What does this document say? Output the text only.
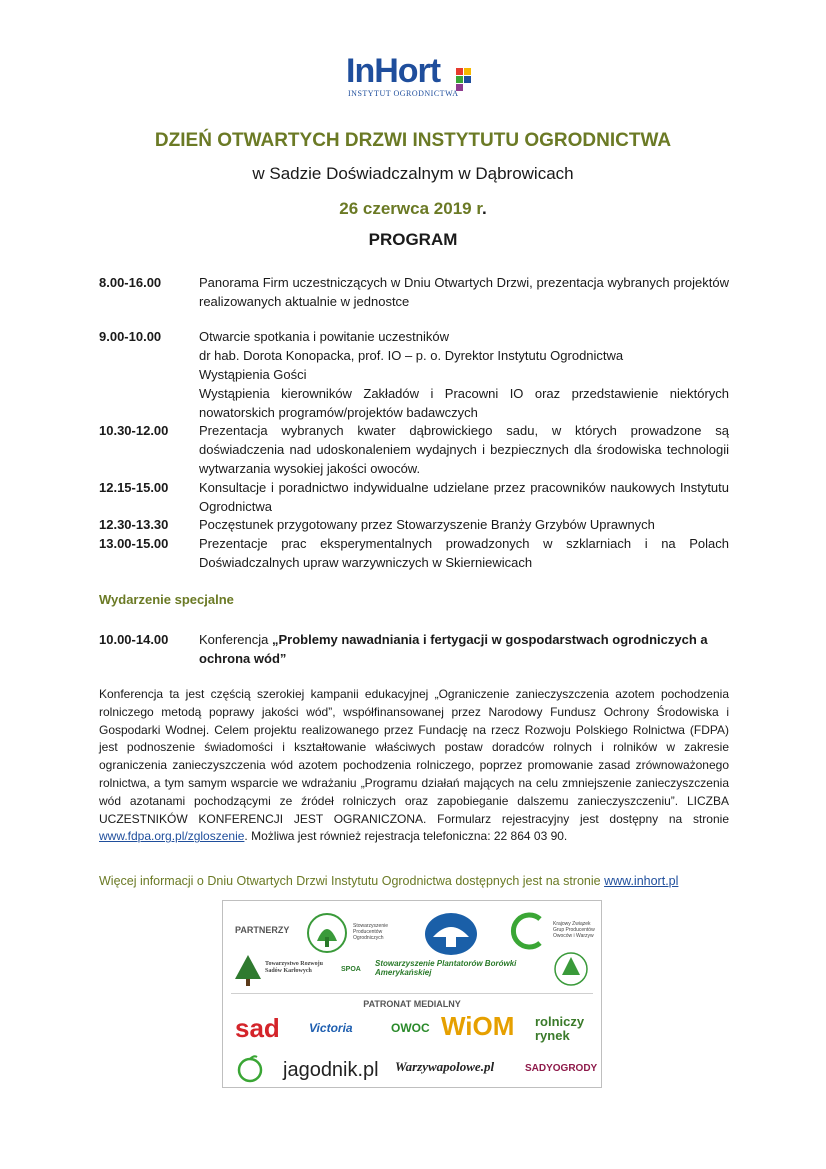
InHort
INSTYTUT OGRODNICTWA
DZIEŃ OTWARTYCH DRZWI INSTYTUTU OGRODNICTWA
w Sadzie Doświadczalnym w Dąbrowicach
26 czerwca 2019 r.
PROGRAM
8.00-16.00	Panorama Firm uczestniczących w Dniu Otwartych Drzwi, prezentacja wybranych projektów realizowanych aktualnie w jednostce
9.00-10.00	Otwarcie spotkania i powitanie uczestników
dr hab. Dorota Konopacka, prof. IO – p. o. Dyrektor Instytutu Ogrodnictwa
Wystąpienia Gości
Wystąpienia kierowników Zakładów i Pracowni IO oraz przedstawienie niektórych nowatorskich programów/projektów badawczych
10.30-12.00	Prezentacja wybranych kwater dąbrowickiego sadu, w których prowadzone są doświadczenia nad udoskonaleniem wydajnych i bezpiecznych dla środowiska technologii wytwarzania wysokiej jakości owoców.
12.15-15.00	Konsultacje i poradnictwo indywidualne udzielane przez pracowników naukowych Instytutu Ogrodnictwa
12.30-13.30	Poczęstunek przygotowany przez Stowarzyszenie Branży Grzybów Uprawnych
13.00-15.00	Prezentacje prac eksperymentalnych prowadzonych w szklarniach i na Polach Doświadczalnych upraw warzywniczych w Skierniewicach
Wydarzenie specjalne
10.00-14.00	Konferencja „Problemy nawadniania i fertygacji w gospodarstwach ogrodniczych a ochrona wód”
Konferencja ta jest częścią szerokiej kampanii edukacyjnej „Ograniczenie zanieczyszczenia azotem pochodzenia rolniczego metodą poprawy jakości wód”, współfinansowanej przez Narodowy Fundusz Ochrony Środowiska i Gospodarki Wodnej. Celem projektu realizowanego przez Fundację na rzecz Rozwoju Polskiego Rolnictwa (FDPA) jest podnoszenie świadomości i kształtowanie właściwych postaw doradców rolnych i rolników w zakresie ograniczenia zanieczyszczenia wód azotem pochodzenia rolniczego, poprzez promowanie zasad zrównoważonego rolnictwa, a tym samym wsparcie we wdrażaniu „Programu działań mających na celu zmniejszenie zanieczyszczenia wód azotanami pochodzącymi ze źródeł rolniczych oraz zapobieganie dalszemu zanieczyszczeniu”. LICZBA UCZESTNIKÓW KONFERENCJI JEST OGRANICZONA. Formularz rejestracyjny jest dostępny na stronie www.fdpa.org.pl/zgloszenie. Możliwa jest również rejestracja telefoniczna: 22 864 03 90.
Więcej informacji o Dniu Otwartych Drzwi Instytutu Ogrodnictwa dostępnych jest na stronie www.inhort.pl
PARTNERZY	Stowarzyszenie Producentów Ogrodniczych
Krajowy Związek Grup Producentów Owoców i Warzyw
Towarzystwo Rozwoju Sadów Karłowych	SPOA
Stowarzyszenie Plantatorów Borówki Amerykańskiej
PATRONAT MEDIALNY
sad Victoria	OWOC WiOM rolniczy rynek
jagodnik.pl Warzywapolowe.pl	SADYOGRODY
